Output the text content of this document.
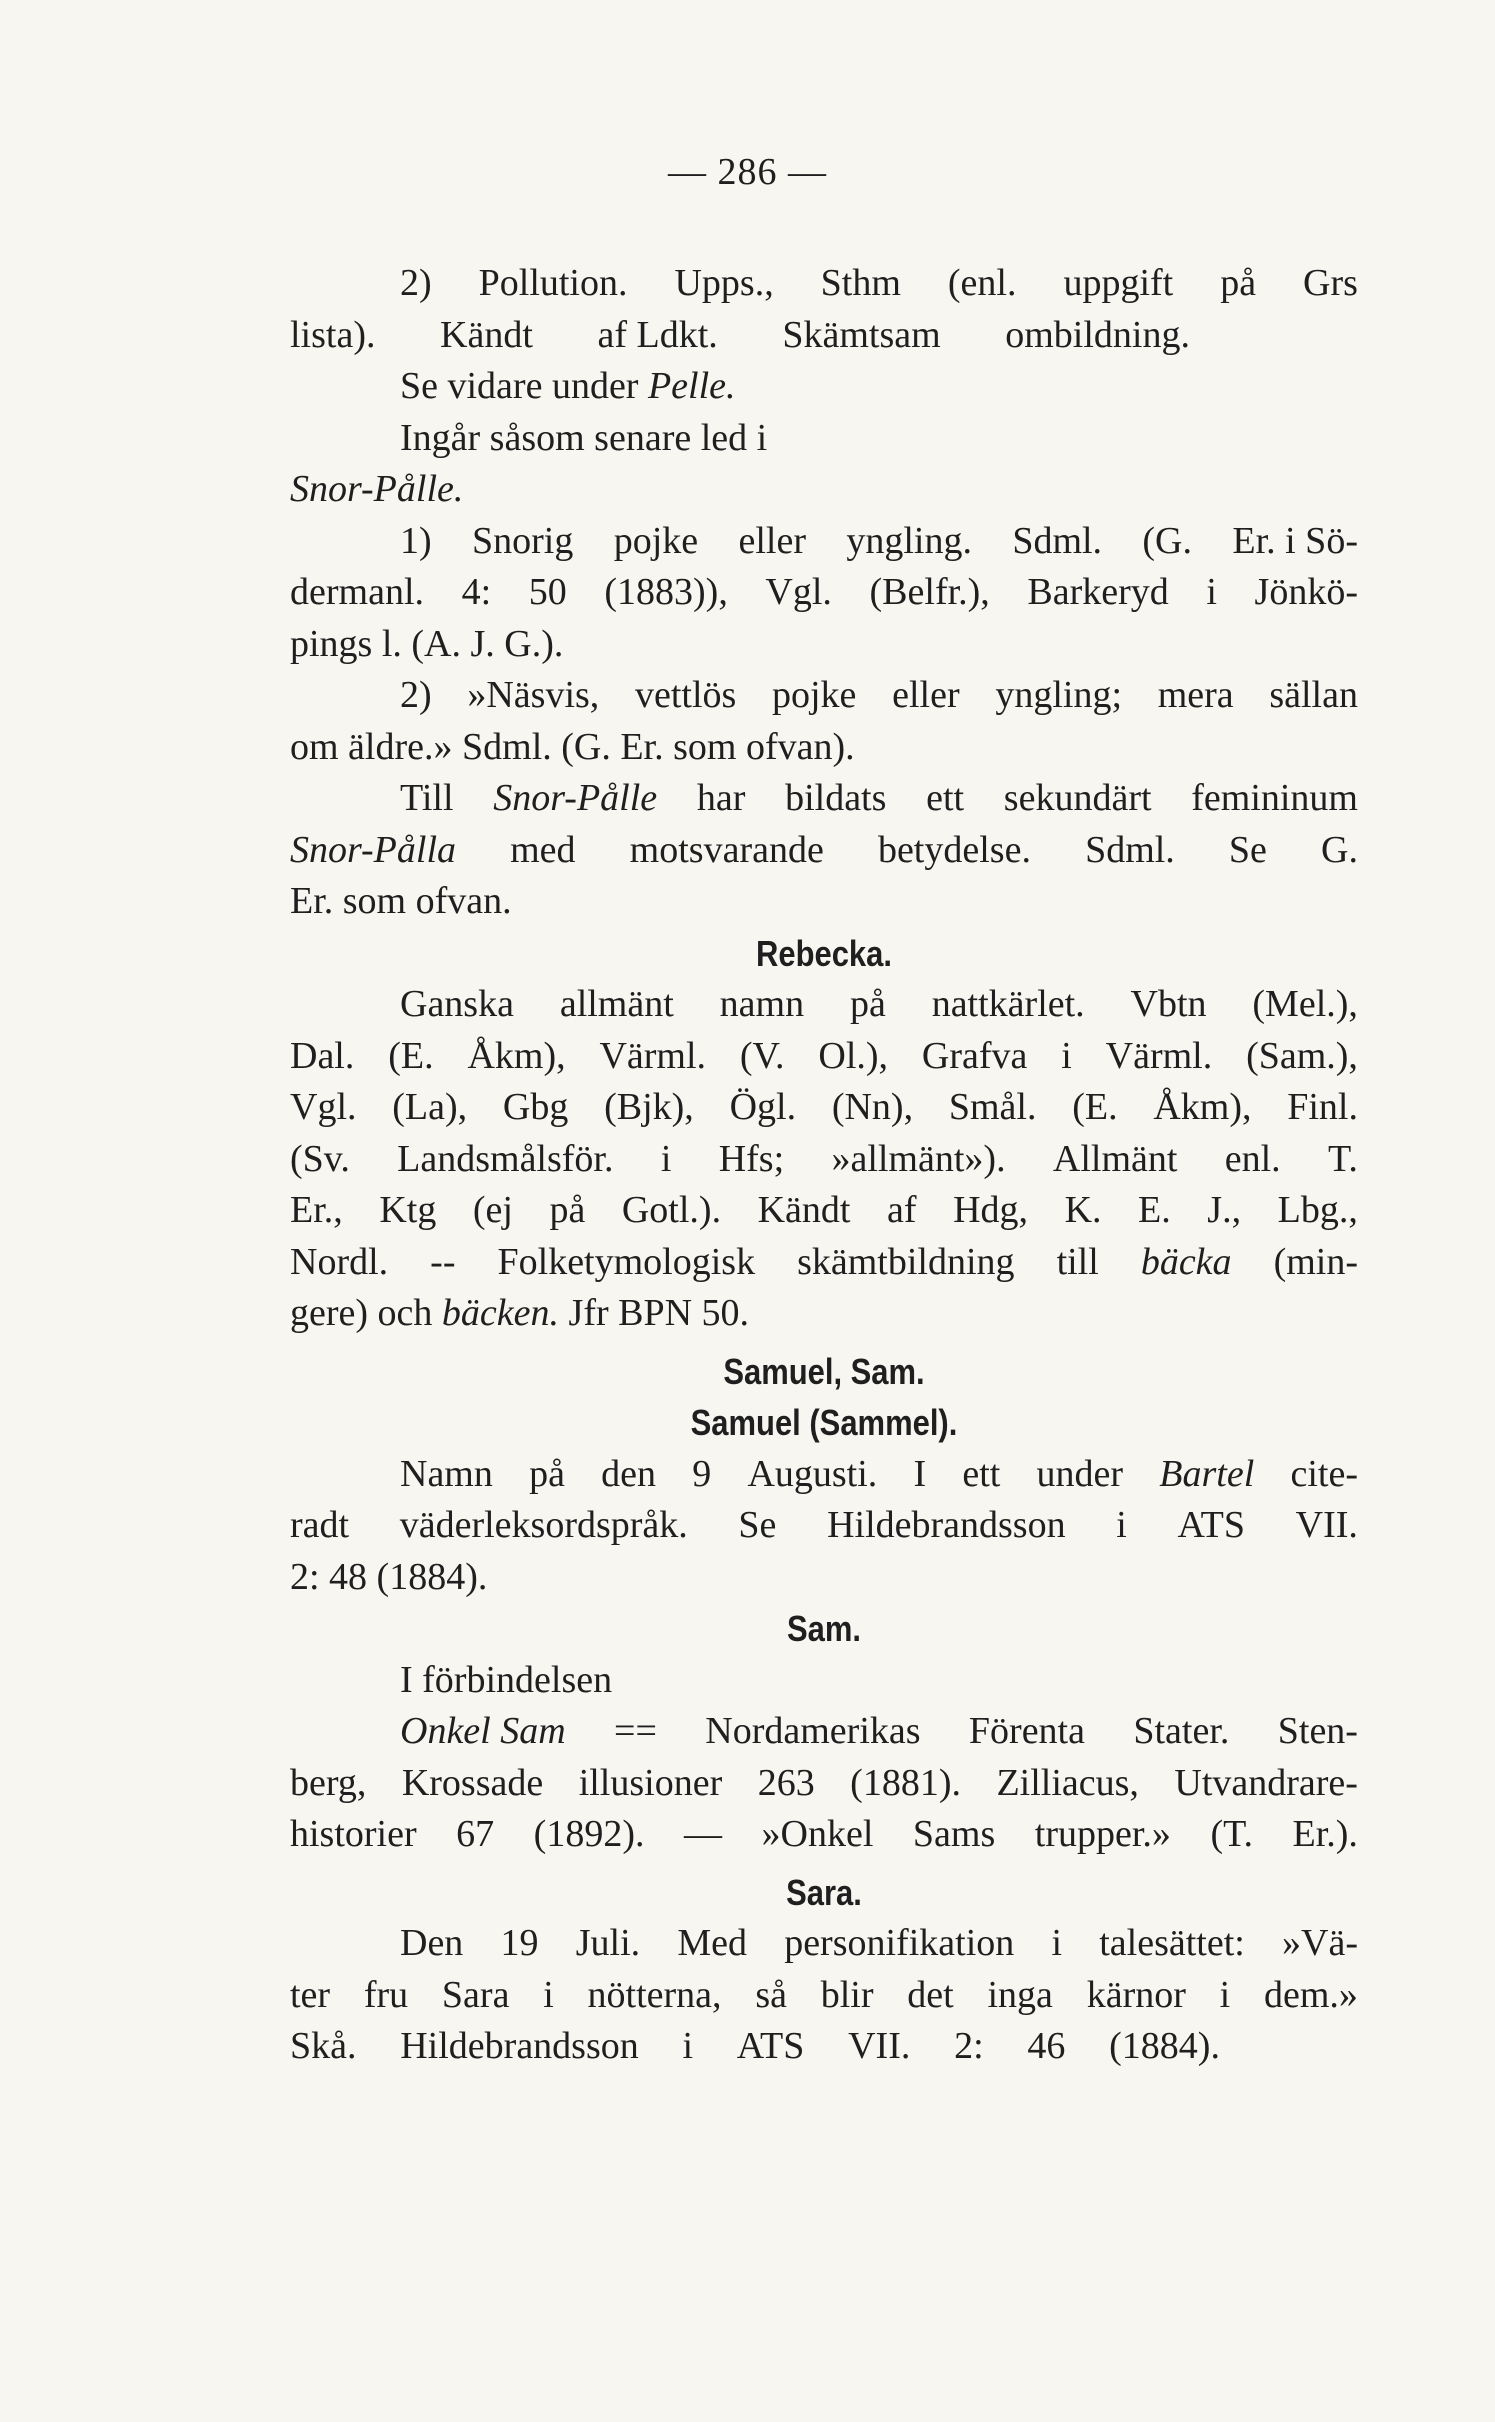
— 286 —
2) Pollution. Upps., Sthm (enl. uppgift på Grs
lista). Kändt af Ldkt. Skämtsam ombildning.
Se vidare under Pelle.
Ingår såsom senare led i
Snor-Pålle.
1) Snorig pojke eller yngling. Sdml. (G. Er. i Sö-
dermanl. 4: 50 (1883)), Vgl. (Belfr.), Barkeryd i Jönkö-
pings l. (A. J. G.).
2) »Näsvis, vettlös pojke eller yngling; mera sällan
om äldre.» Sdml. (G. Er. som ofvan).
Till Snor-Pålle har bildats ett sekundärt femininum
Snor-Pålla med motsvarande betydelse. Sdml. Se G.
Er. som ofvan.
Rebecka.
Ganska allmänt namn på nattkärlet. Vbtn (Mel.),
Dal. (E. Åkm), Värml. (V. Ol.), Grafva i Värml. (Sam.),
Vgl. (La), Gbg (Bjk), Ögl. (Nn), Smål. (E. Åkm), Finl.
(Sv. Landsmålsför. i Hfs; »allmänt»). Allmänt enl. T.
Er., Ktg (ej på Gotl.). Kändt af Hdg, K. E. J., Lbg.,
Nordl. -- Folketymologisk skämtbildning till bäcka (min-
gere) och bäcken. Jfr BPN 50.
Samuel, Sam.
Samuel (Sammel).
Namn på den 9 Augusti. I ett under Bartel cite-
radt väderleksordspråk. Se Hildebrandsson i ATS VII.
2: 48 (1884).
Sam.
I förbindelsen
Onkel Sam == Nordamerikas Förenta Stater. Sten-
berg, Krossade illusioner 263 (1881). Zilliacus, Utvandrare-
historier 67 (1892). — »Onkel Sams trupper.» (T. Er.).
Sara.
Den 19 Juli. Med personifikation i talesättet: »Vä-
ter fru Sara i nötterna, så blir det inga kärnor i dem.»
Skå. Hildebrandsson i ATS VII. 2: 46 (1884).
